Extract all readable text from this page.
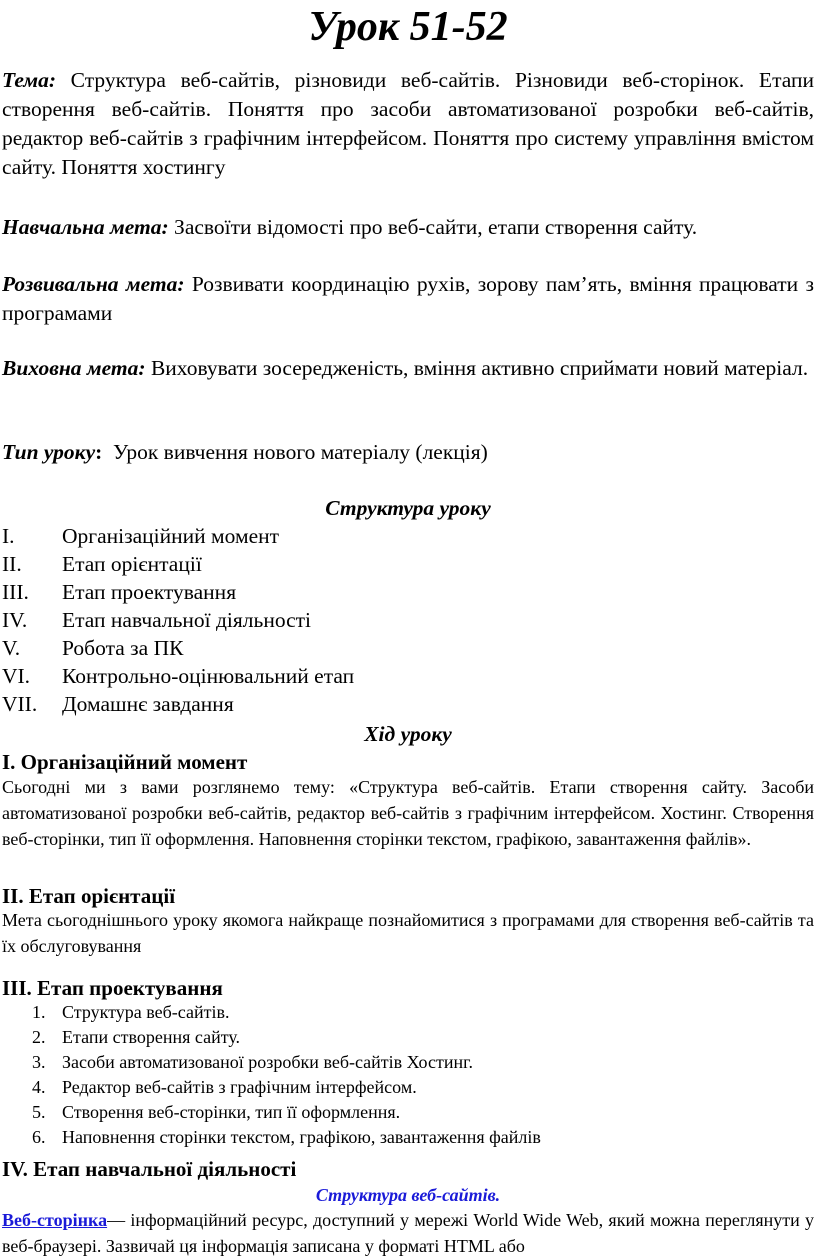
Урок 51-52
Тема: Структура веб-сайтів, різновиди веб-сайтів. Різновиди веб-сторінок. Етапи створення веб-сайтів. Поняття про засоби автоматизованої розробки веб-сайтів, редактор веб-сайтів з графічним інтерфейсом. Поняття про систему управління вмістом сайту. Поняття хостингу
Навчальна мета: Засвоїти відомості про веб-сайти, етапи створення сайту.
Розвивальна мета: Розвивати координацію рухів, зорову пам’ять, вміння працювати з програмами
Виховна мета: Виховувати зосередженість, вміння активно сприймати новий матеріал.
Тип уроку:  Урок вивчення нового матеріалу (лекція)
Структура уроку
I.	Організаційний момент
II.	Етап орієнтації
III.	Етап проектування
IV.	Етап навчальної діяльності
V.	Робота за ПК
VI.	Контрольно-оцінювальний етап
VII.	Домашнє завдання
Хід уроку
I. Організаційний момент
Сьогодні ми з вами розглянемо тему: «Структура веб-сайтів. Етапи створення сайту. Засоби автоматизованої розробки веб-сайтів, редактор веб-сайтів з графічним інтерфейсом. Хостинг. Створення веб-сторінки, тип її оформлення. Наповнення сторінки текстом, графікою, завантаження файлів».
II. Етап орієнтації
Мета сьогоднішнього уроку якомога найкраще познайомитися з програмами для створення веб-сайтів та їх обслуговування
III. Етап проектування
1. Структура веб-сайтів.
2. Етапи створення сайту.
3. Засоби автоматизованої розробки веб-сайтів Хостинг.
4. Редактор веб-сайтів з графічним інтерфейсом.
5. Створення веб-сторінки, тип її оформлення.
6. Наповнення сторінки текстом, графікою, завантаження файлів
IV. Етап навчальної діяльності
Структура веб-сайтів.
Веб-сторінка— інформаційний ресурс, доступний у мережі World Wide Web, який можна переглянути у веб-браузері. Зазвичай ця інформація записана у форматі HTML або
